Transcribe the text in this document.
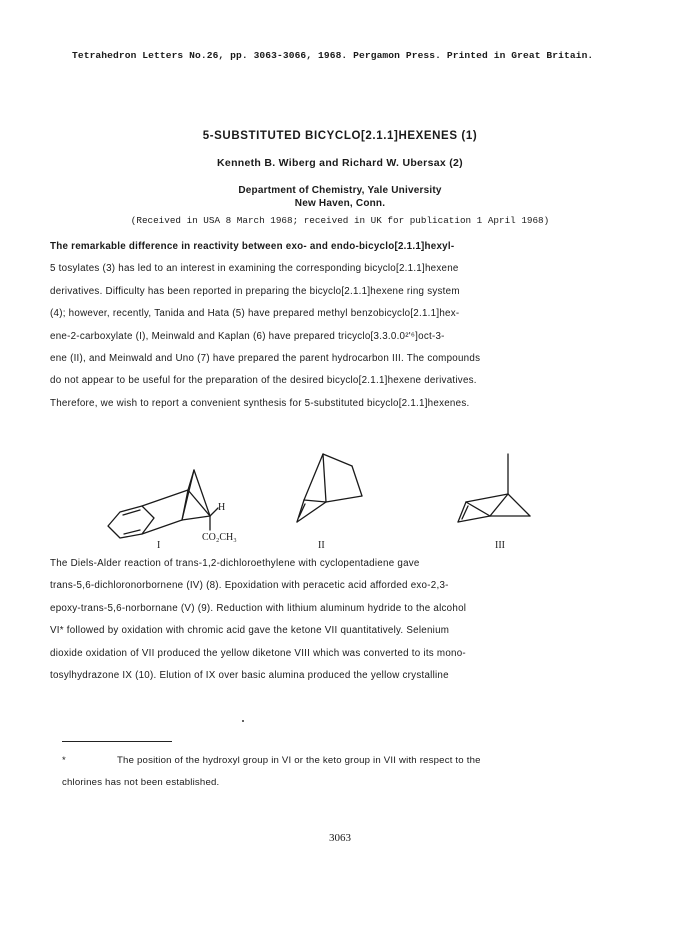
Tetrahedron Letters No.26, pp. 3063-3066, 1968. Pergamon Press. Printed in Great Britain.
5-SUBSTITUTED BICYCLO[2.1.1]HEXENES (1)
Kenneth B. Wiberg and Richard W. Ubersax (2)
Department of Chemistry, Yale University
New Haven, Conn.
(Received in USA 8 March 1968; received in UK for publication 1 April 1968)
The remarkable difference in reactivity between exo- and endo-bicyclo[2.1.1]hexyl-
5 tosylates (3) has led to an interest in examining the corresponding bicyclo[2.1.1]hexene
derivatives. Difficulty has been reported in preparing the bicyclo[2.1.1]hexene ring system
(4); however, recently, Tanida and Hata (5) have prepared methyl benzobicyclo[2.1.1]hex-
ene-2-carboxylate (I), Meinwald and Kaplan (6) have prepared tricyclo[3.3.0.0²'⁶]oct-3-
ene (II), and Meinwald and Uno (7) have prepared the parent hydrocarbon III. The compounds
do not appear to be useful for the preparation of the desired bicyclo[2.1.1]hexene derivatives.
Therefore, we wish to report a convenient synthesis for 5-substituted bicyclo[2.1.1]hexenes.
H
CO₂CH₃
I	II	III
The Diels-Alder reaction of trans-1,2-dichloroethylene with cyclopentadiene gave
trans-5,6-dichloronorbornene (IV) (8). Epoxidation with peracetic acid afforded exo-2,3-
epoxy-trans-5,6-norbornane (V) (9). Reduction with lithium aluminum hydride to the alcohol
VI* followed by oxidation with chromic acid gave the ketone VII quantitatively. Selenium
dioxide oxidation of VII produced the yellow diketone VIII which was converted to its mono-
tosylhydrazone IX (10). Elution of IX over basic alumina produced the yellow crystalline
*	The position of the hydroxyl group in VI or the keto group in VII with respect to the
chlorines has not been established.
3063
